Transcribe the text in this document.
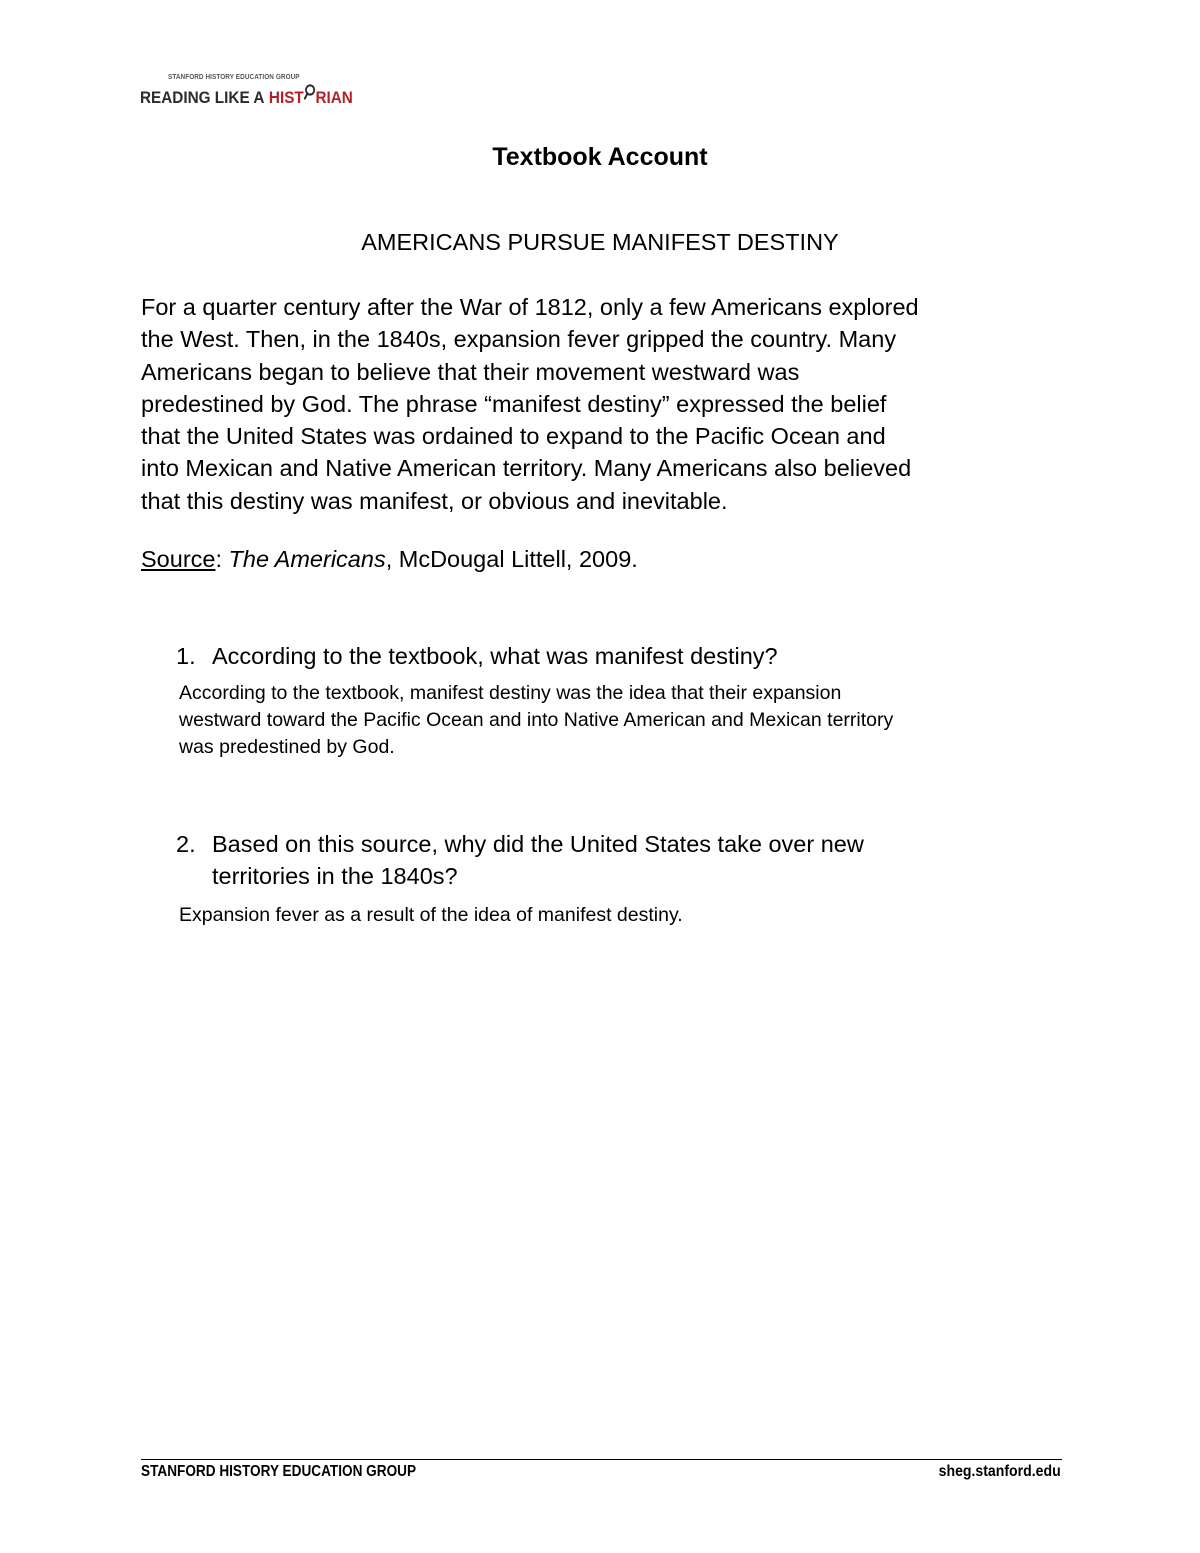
STANFORD HISTORY EDUCATION GROUP
READING LIKE A HIST RIAN
Textbook Account
AMERICANS PURSUE MANIFEST DESTINY

For a quarter century after the War of 1812, only a few Americans explored
the West. Then, in the 1840s, expansion fever gripped the country. Many
Americans began to believe that their movement westward was
predestined by God. The phrase “manifest destiny” expressed the belief
that the United States was ordained to expand to the Pacific Ocean and
into Mexican and Native American territory. Many Americans also believed
that this destiny was manifest, or obvious and inevitable.

Source: The Americans, McDougal Littell, 2009.
1. According to the textbook, what was manifest destiny?
According to the textbook, manifest destiny was the idea that their expansion
westward toward the Pacific Ocean and into Native American and Mexican territory
was predestined by God.
2. Based on this source, why did the United States take over new
territories in the 1840s?
Expansion fever as a result of the idea of manifest destiny.
STANFORD HISTORY EDUCATION GROUP	sheg.stanford.edu
